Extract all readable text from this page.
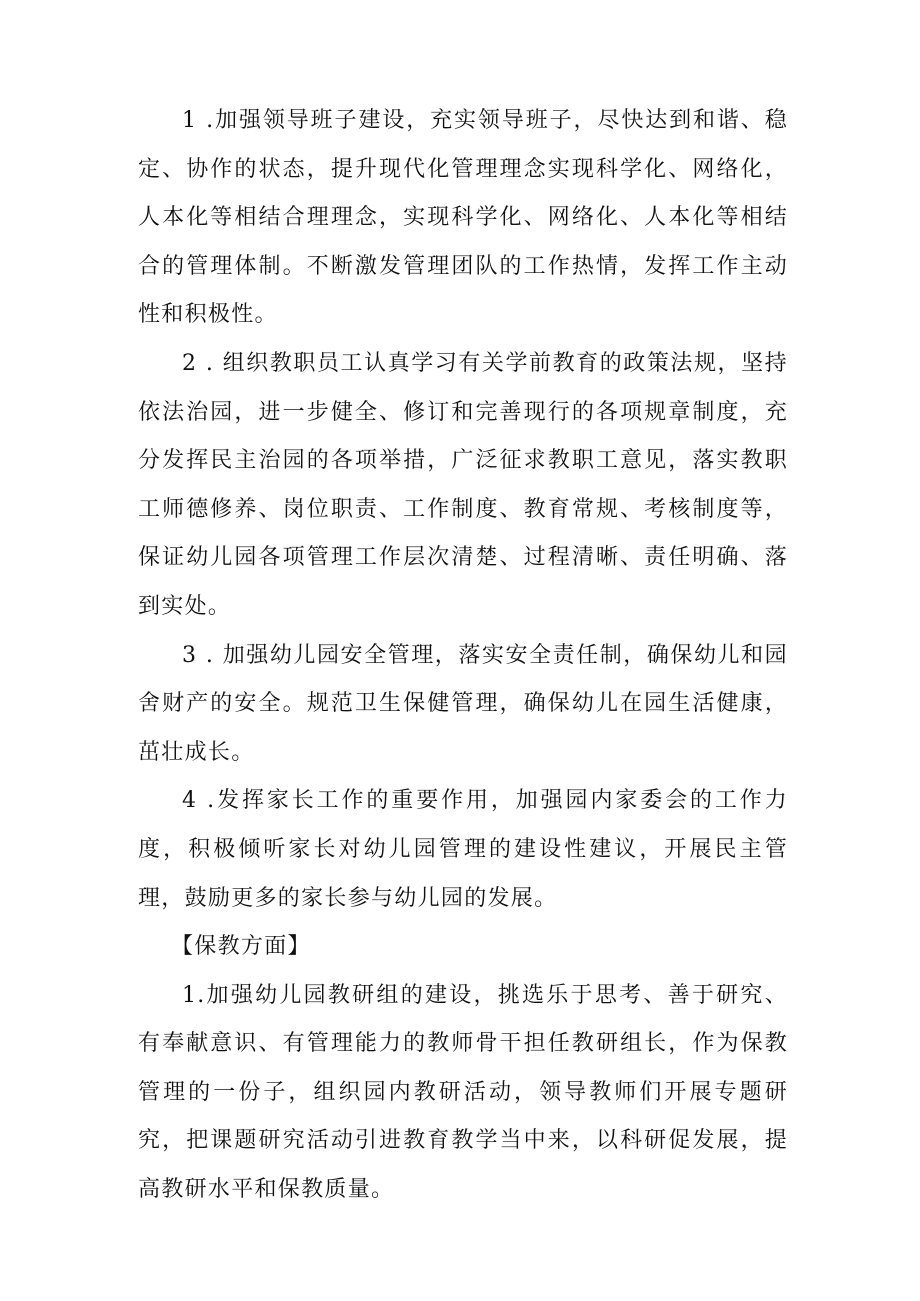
1 .加强领导班子建设，充实领导班子，尽快达到和谐、稳定、协作的状态，提升现代化管理理念实现科学化、网络化，人本化等相结合理理念，实现科学化、网络化、人本化等相结合的管理体制。不断激发管理团队的工作热情，发挥工作主动性和积极性。

2 . 组织教职员工认真学习有关学前教育的政策法规，坚持依法治园，进一步健全、修订和完善现行的各项规章制度，充分发挥民主治园的各项举措，广泛征求教职工意见，落实教职工师德修养、岗位职责、工作制度、教育常规、考核制度等，保证幼儿园各项管理工作层次清楚、过程清晰、责任明确、落到实处。

3 . 加强幼儿园安全管理，落实安全责任制，确保幼儿和园舍财产的安全。规范卫生保健管理，确保幼儿在园生活健康，茁壮成长。

4 .发挥家长工作的重要作用，加强园内家委会的工作力度，积极倾听家长对幼儿园管理的建设性建议，开展民主管理，鼓励更多的家长参与幼儿园的发展。

【保教方面】

1.加强幼儿园教研组的建设，挑选乐于思考、善于研究、有奉献意识、有管理能力的教师骨干担任教研组长，作为保教管理的一份子，组织园内教研活动，领导教师们开展专题研究，把课题研究活动引进教育教学当中来，以科研促发展，提高教研水平和保教质量。
